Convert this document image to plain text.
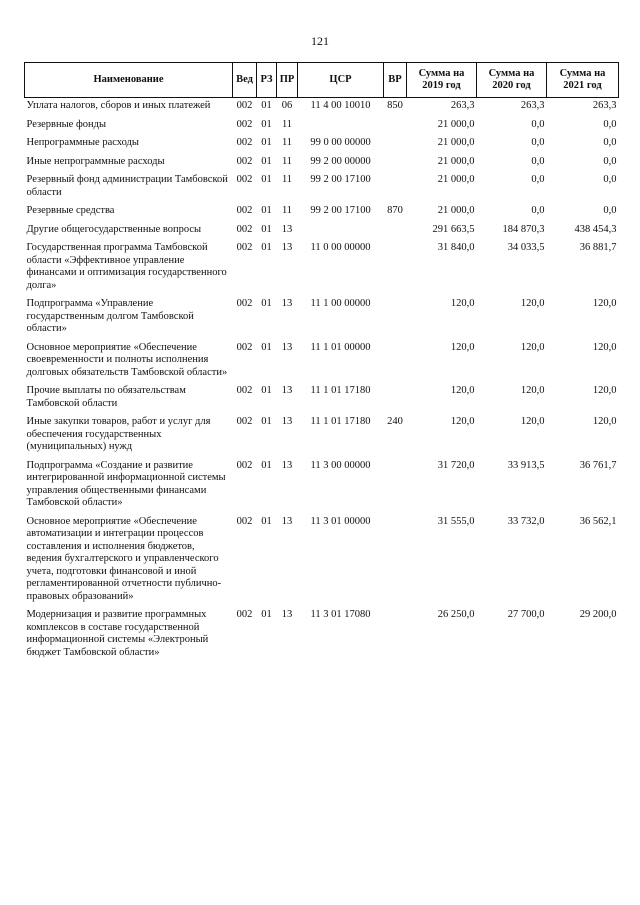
121
Наименование	Вед	РЗ	ПР	ЦСР	ВР	Сумма на 2019 год	Сумма на 2020 год	Сумма на 2021 год
Уплата налогов, сборов и иных платежей	002	01	06	11 4 00 10010	850	263,3	263,3	263,3
Резервные фонды	002	01	11			21 000,0	0,0	0,0
Непрограммные расходы	002	01	11	99 0 00 00000		21 000,0	0,0	0,0
Иные непрограммные расходы	002	01	11	99 2 00 00000		21 000,0	0,0	0,0
Резервный фонд администрации Тамбовской области	002	01	11	99 2 00 17100		21 000,0	0,0	0,0
Резервные средства	002	01	11	99 2 00 17100	870	21 000,0	0,0	0,0
Другие общегосударственные вопросы	002	01	13			291 663,5	184 870,3	438 454,3
Государственная программа Тамбовской области «Эффективное управление финансами и оптимизация государственного долга»	002	01	13	11 0 00 00000		31 840,0	34 033,5	36 881,7
Подпрограмма «Управление государственным долгом Тамбовской области»	002	01	13	11 1 00 00000		120,0	120,0	120,0
Основное мероприятие «Обеспечение своевременности и полноты исполнения долговых обязательств Тамбовской области»	002	01	13	11 1 01 00000		120,0	120,0	120,0
Прочие выплаты по обязательствам Тамбовской области	002	01	13	11 1 01 17180		120,0	120,0	120,0
Иные закупки товаров, работ и услуг для обеспечения государственных (муниципальных) нужд	002	01	13	11 1 01 17180	240	120,0	120,0	120,0
Подпрограмма «Создание и развитие интегрированной информационной системы управления общественными финансами Тамбовской области»	002	01	13	11 3 00 00000		31 720,0	33 913,5	36 761,7
Основное мероприятие «Обеспечение автоматизации и интеграции процессов составления и исполнения бюджетов, ведения бухгалтерского и управленческого учета, подготовки финансовой и иной регламентированной отчетности публично-правовых образований»	002	01	13	11 3 01 00000		31 555,0	33 732,0	36 562,1
Модернизация и развитие программных комплексов в составе государственной информационной системы «Электроный бюджет Тамбовской области»	002	01	13	11 3 01 17080		26 250,0	27 700,0	29 200,0
